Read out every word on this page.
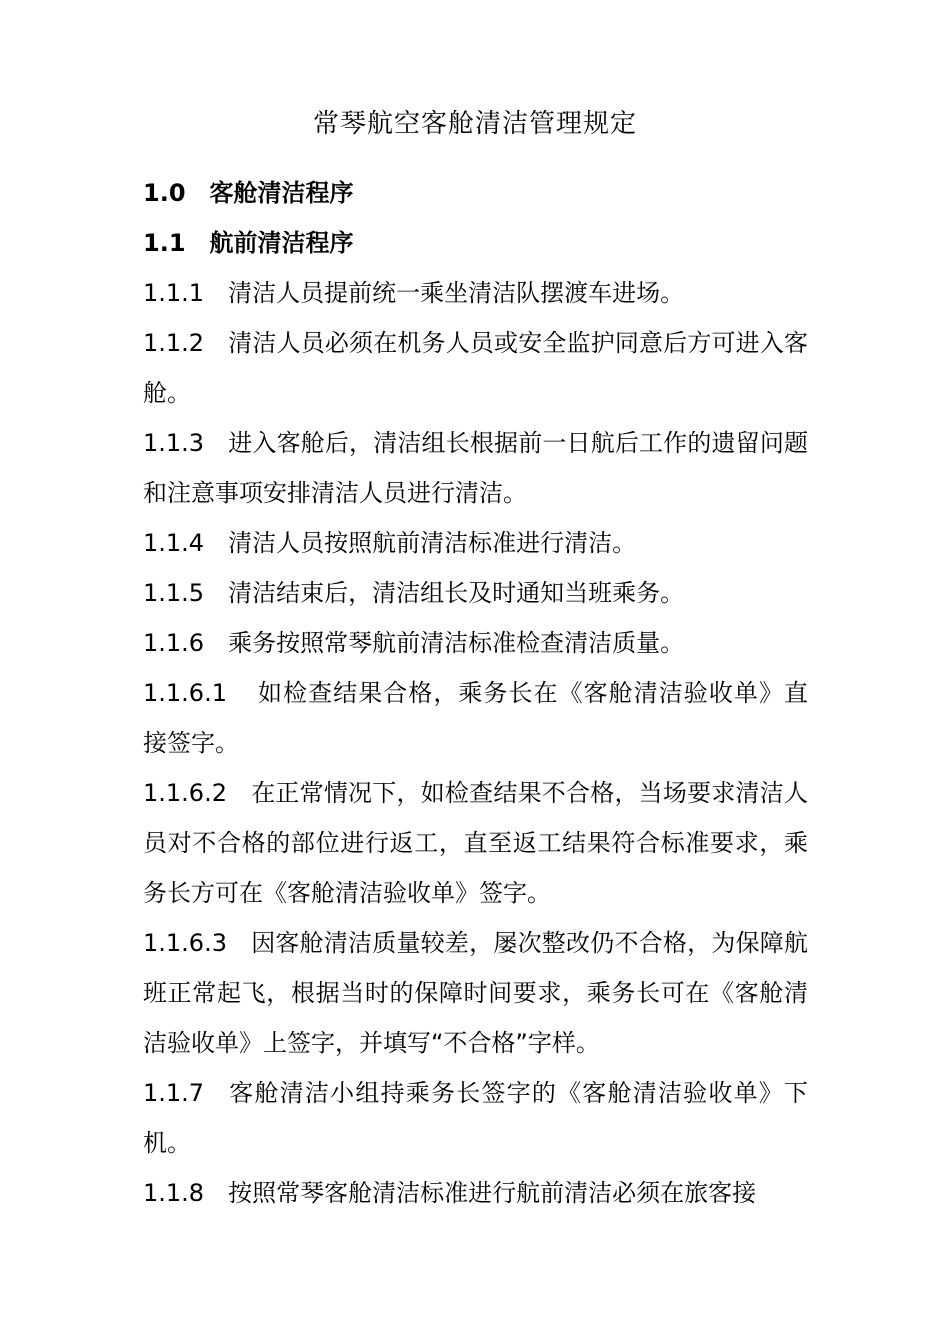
常琴航空客舱清洁管理规定
1.0 客舱清洁程序
1.1 航前清洁程序
1.1.1 清洁人员提前统一乘坐清洁队摆渡车进场。
1.1.2 清洁人员必须在机务人员或安全监护同意后方可进入客舱。
1.1.3 进入客舱后，清洁组长根据前一日航后工作的遗留问题和注意事项安排清洁人员进行清洁。
1.1.4 清洁人员按照航前清洁标准进行清洁。
1.1.5 清洁结束后，清洁组长及时通知当班乘务。
1.1.6 乘务按照常琴航前清洁标准检查清洁质量。
1.1.6.1 如检查结果合格，乘务长在《客舱清洁验收单》直接签字。
1.1.6.2 在正常情况下，如检查结果不合格，当场要求清洁人员对不合格的部位进行返工，直至返工结果符合标准要求，乘务长方可在《客舱清洁验收单》签字。
1.1.6.3 因客舱清洁质量较差，屡次整改仍不合格，为保障航班正常起飞，根据当时的保障时间要求，乘务长可在《客舱清洁验收单》上签字，并填写“不合格”字样。
1.1.7 客舱清洁小组持乘务长签字的《客舱清洁验收单》下机。
1.1.8 按照常琴客舱清洁标准进行航前清洁必须在旅客接
